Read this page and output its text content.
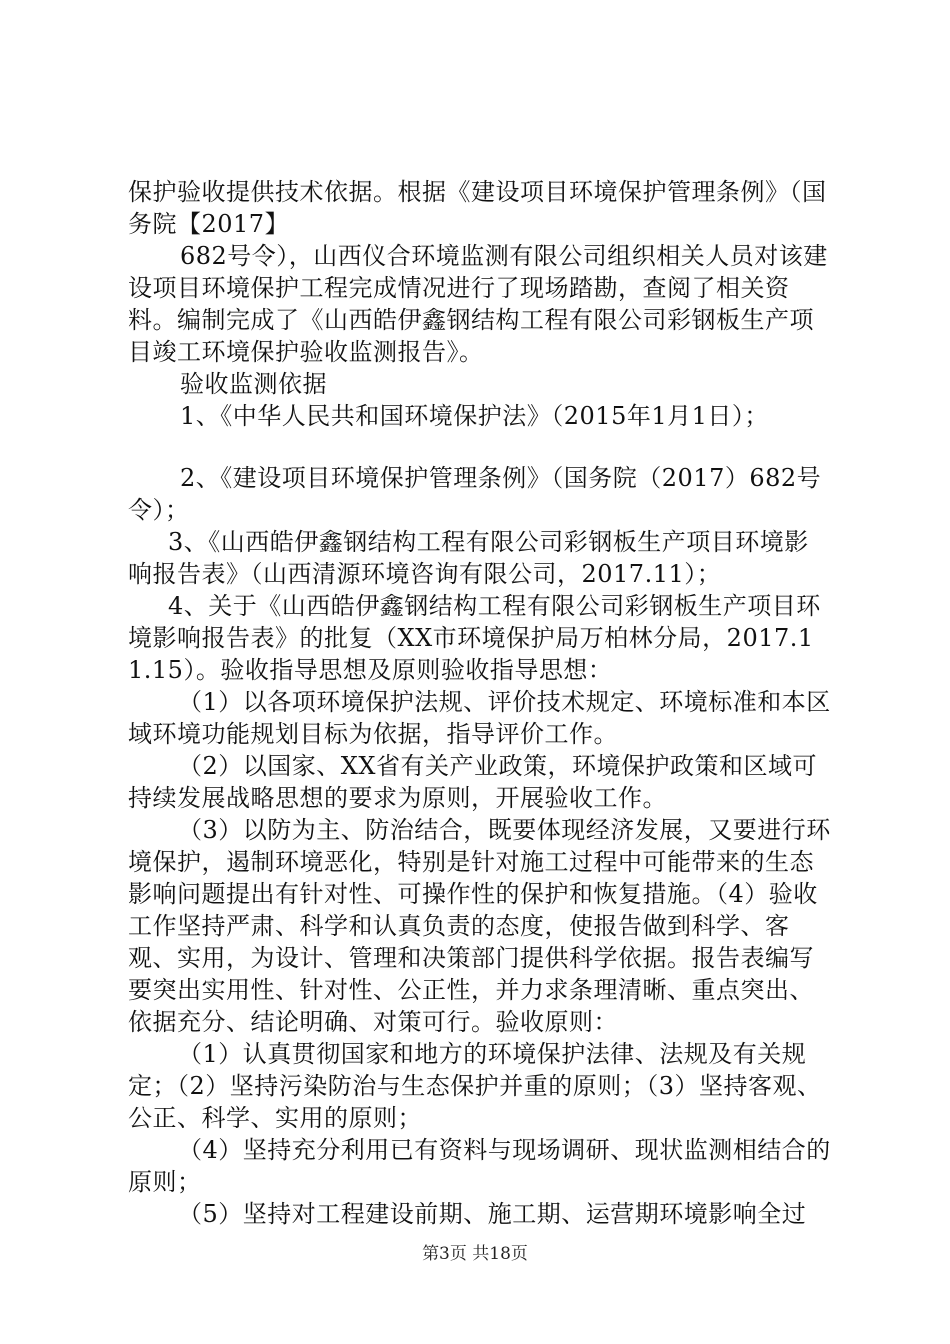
保护验收提供技术依据。根据《建设项目环境保护管理条例》（国务院【2017】

682号令），山西仪合环境监测有限公司组织相关人员对该建设项目环境保护工程完成情况进行了现场踏勘，查阅了相关资料。编制完成了《山西皓伊鑫钢结构工程有限公司彩钢板生产项目竣工环境保护验收监测报告》。

验收监测依据

1、《中华人民共和国环境保护法》（2015年1月1日）；

2、《建设项目环境保护管理条例》（国务院（2017）682号令）；

3、《山西皓伊鑫钢结构工程有限公司彩钢板生产项目环境影响报告表》（山西清源环境咨询有限公司，2017.11）；

4、关于《山西皓伊鑫钢结构工程有限公司彩钢板生产项目环境影响报告表》的批复（XX市环境保护局万柏林分局，2017.11.15）。验收指导思想及原则验收指导思想：

（1）以各项环境保护法规、评价技术规定、环境标准和本区域环境功能规划目标为依据，指导评价工作。

（2）以国家、XX省有关产业政策，环境保护政策和区域可持续发展战略思想的要求为原则，开展验收工作。

（3）以防为主、防治结合，既要体现经济发展，又要进行环境保护，遏制环境恶化，特别是针对施工过程中可能带来的生态影响问题提出有针对性、可操作性的保护和恢复措施。（4）验收工作坚持严肃、科学和认真负责的态度，使报告做到科学、客观、实用，为设计、管理和决策部门提供科学依据。报告表编写要突出实用性、针对性、公正性，并力求条理清晰、重点突出、依据充分、结论明确、对策可行。验收原则：

（1）认真贯彻国家和地方的环境保护法律、法规及有关规定；（2）坚持污染防治与生态保护并重的原则；（3）坚持客观、公正、科学、实用的原则；

（4）坚持充分利用已有资料与现场调研、现状监测相结合的原则；

（5）坚持对工程建设前期、施工期、运营期环境影响全过

第3页 共18页
